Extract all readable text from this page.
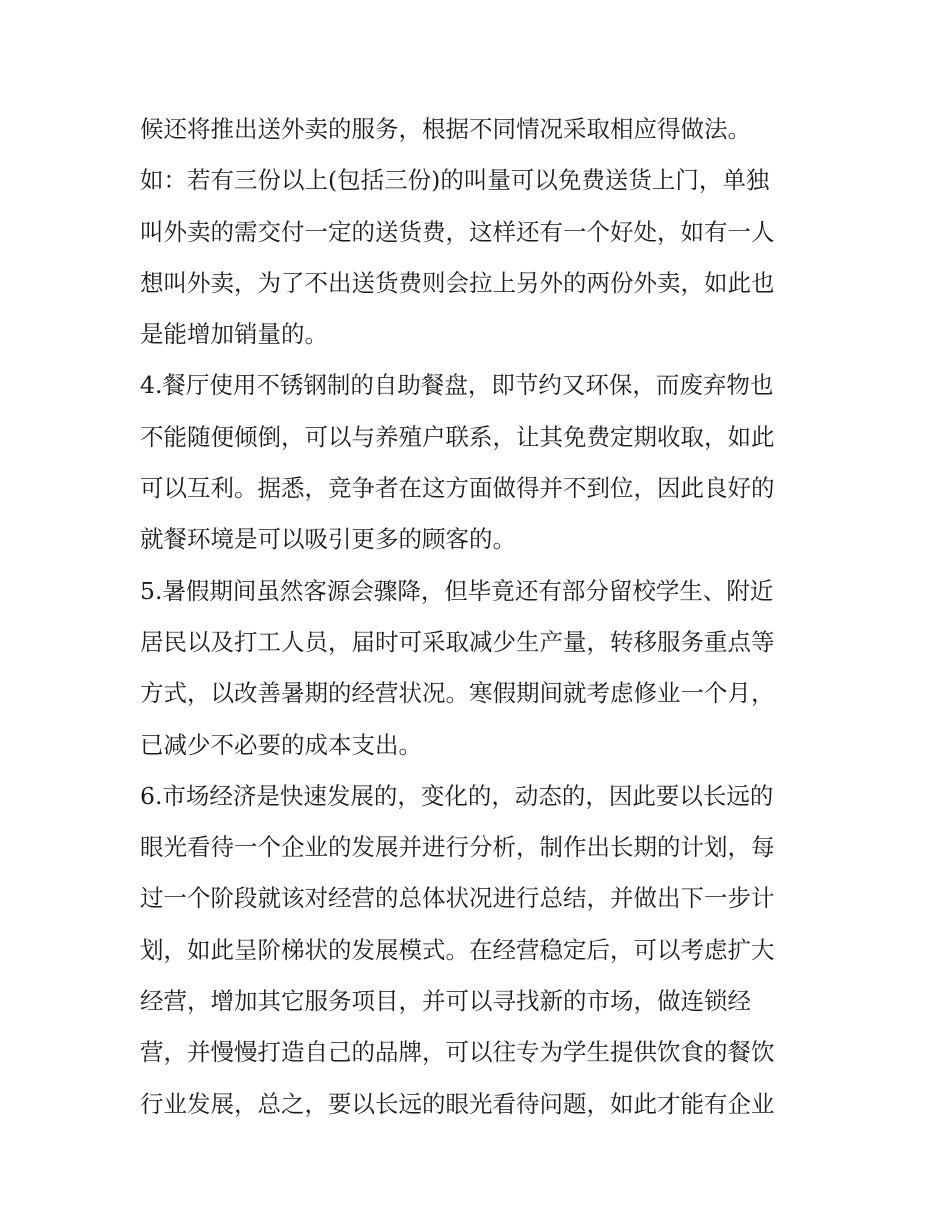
候还将推出送外卖的服务，根据不同情况采取相应得做法。
如：若有三份以上(包括三份)的叫量可以免费送货上门，单独
叫外卖的需交付一定的送货费，这样还有一个好处，如有一人
想叫外卖，为了不出送货费则会拉上另外的两份外卖，如此也
是能增加销量的。
4.餐厅使用不锈钢制的自助餐盘，即节约又环保，而废弃物也
不能随便倾倒，可以与养殖户联系，让其免费定期收取，如此
可以互利。据悉，竞争者在这方面做得并不到位，因此良好的
就餐环境是可以吸引更多的顾客的。
5.暑假期间虽然客源会骤降，但毕竟还有部分留校学生、附近
居民以及打工人员，届时可采取减少生产量，转移服务重点等
方式，以改善暑期的经营状况。寒假期间就考虑修业一个月，
已减少不必要的成本支出。
6.市场经济是快速发展的，变化的，动态的，因此要以长远的
眼光看待一个企业的发展并进行分析，制作出长期的计划，每
过一个阶段就该对经营的总体状况进行总结，并做出下一步计
划，如此呈阶梯状的发展模式。在经营稳定后，可以考虑扩大
经营，增加其它服务项目，并可以寻找新的市场，做连锁经
营，并慢慢打造自己的品牌，可以往专为学生提供饮食的餐饮
行业发展，总之，要以长远的眼光看待问题，如此才能有企业
